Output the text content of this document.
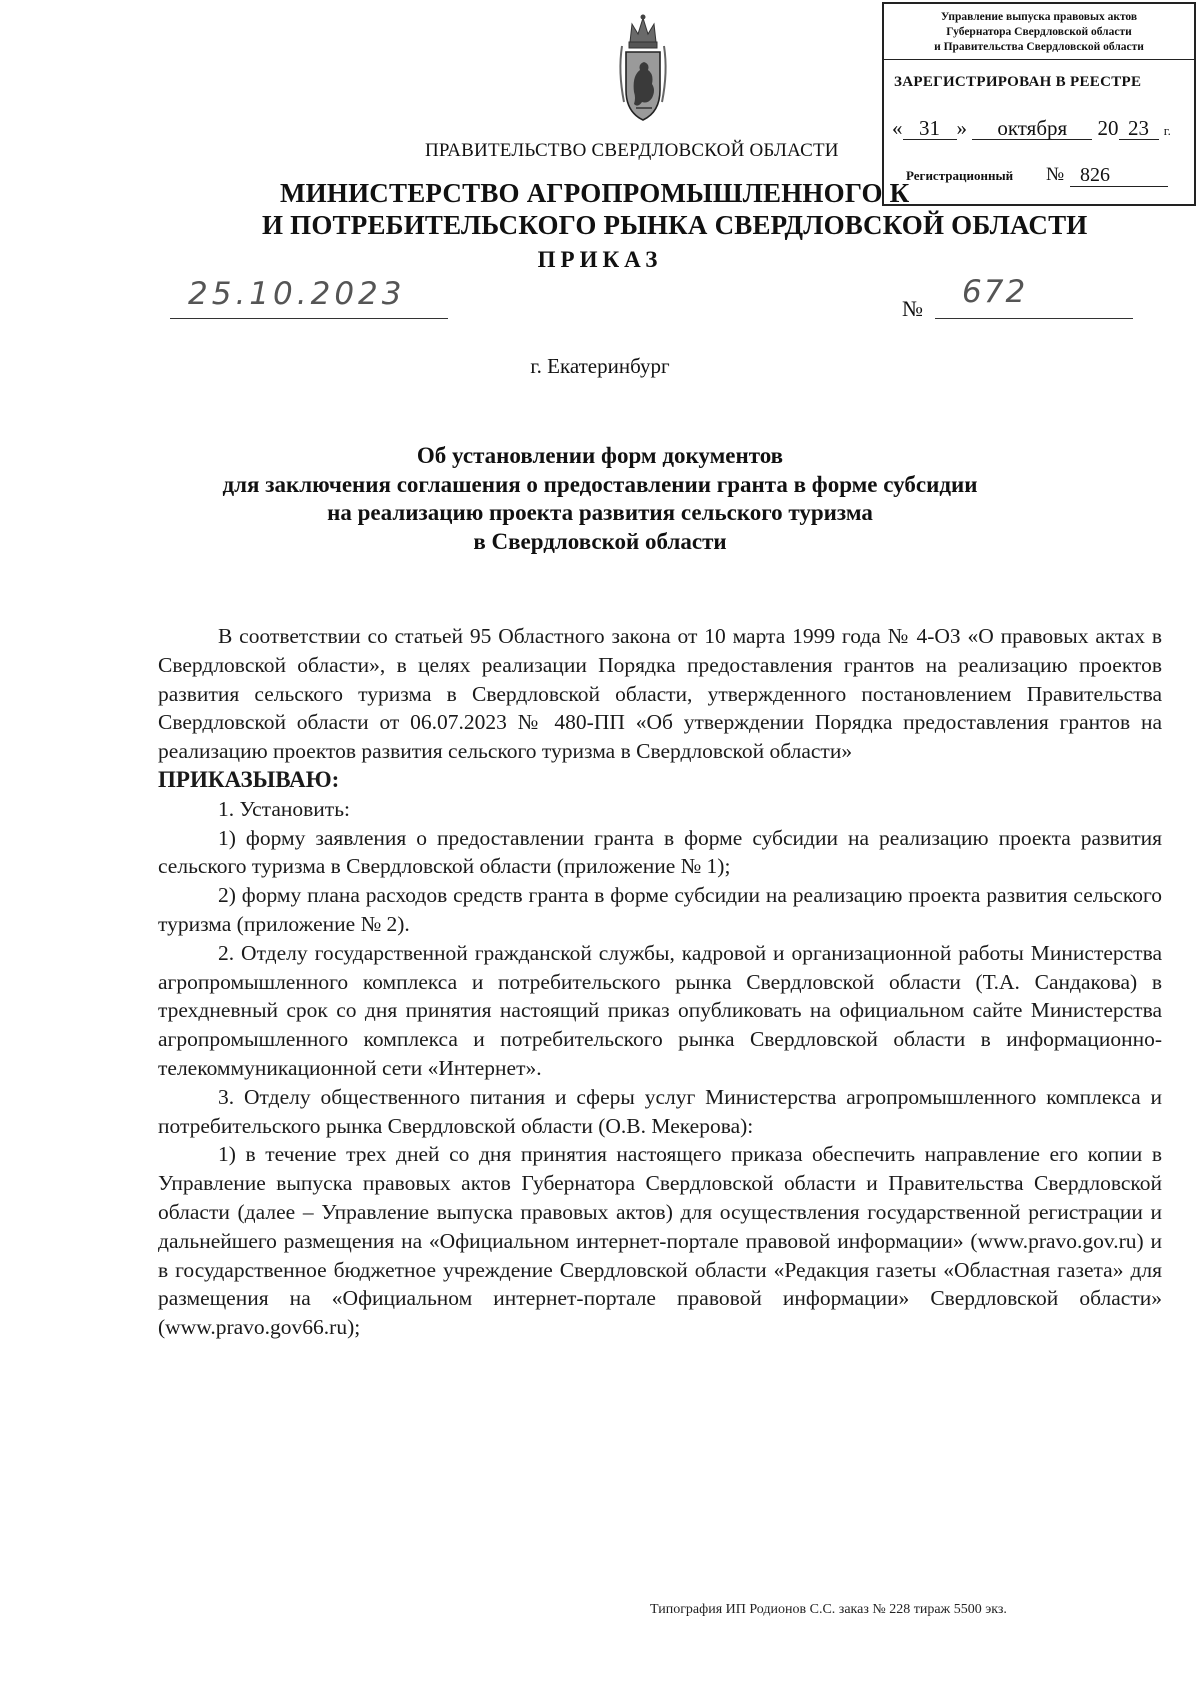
Управление выпуска правовых актов
Губернатора Свердловской области
и Правительства Свердловской области
ЗАРЕГИСТРИРОВАН В РЕЕСТРЕ
« 31 » октября 20 23 г.
Регистрационный № 826
ПРАВИТЕЛЬСТВО СВЕРДЛОВСКОЙ ОБЛАСТИ
МИНИСТЕРСТВО АГРОПРОМЫШЛЕННОГО К
И ПОТРЕБИТЕЛЬСКОГО РЫНКА СВЕРДЛОВСКОЙ ОБЛАСТИ
ПРИКАЗ
25.10.2023	№ 672
г. Екатеринбург
Об установлении форм документов
для заключения соглашения о предоставлении гранта в форме субсидии
на реализацию проекта развития сельского туризма
в Свердловской области

В соответствии со статьей 95 Областного закона от 10 марта 1999 года № 4-ОЗ «О правовых актах в Свердловской области», в целях реализации Порядка предоставления грантов на реализацию проектов развития сельского туризма в Свердловской области, утвержденного постановлением Правительства Свердловской области от 06.07.2023 № 480-ПП «Об утверждении Порядка предоставления грантов на реализацию проектов развития сельского туризма в Свердловской области»

ПРИКАЗЫВАЮ:

1. Установить:

1) форму заявления о предоставлении гранта в форме субсидии на реализацию проекта развития сельского туризма в Свердловской области (приложение № 1);

2) форму плана расходов средств гранта в форме субсидии на реализацию проекта развития сельского туризма (приложение № 2).

2. Отделу государственной гражданской службы, кадровой и организационной работы Министерства агропромышленного комплекса и потребительского рынка Свердловской области (Т.А. Сандакова) в трехдневный срок со дня принятия настоящий приказ опубликовать на официальном сайте Министерства агропромышленного комплекса и потребительского рынка Свердловской области в информационно-телекоммуникационной сети «Интернет».

3. Отделу общественного питания и сферы услуг Министерства агропромышленного комплекса и потребительского рынка Свердловской области (О.В. Мекерова):

1) в течение трех дней со дня принятия настоящего приказа обеспечить направление его копии в Управление выпуска правовых актов Губернатора Свердловской области и Правительства Свердловской области (далее – Управление выпуска правовых актов) для осуществления государственной регистрации и дальнейшего размещения на «Официальном интернет-портале правовой информации» (www.pravo.gov.ru) и в государственное бюджетное учреждение Свердловской области «Редакция газеты «Областная газета» для размещения на «Официальном интернет-портале правовой информации» Свердловской области» (www.pravo.gov66.ru);

Типография ИП Родионов С.С. заказ № 228 тираж 5500 экз.
